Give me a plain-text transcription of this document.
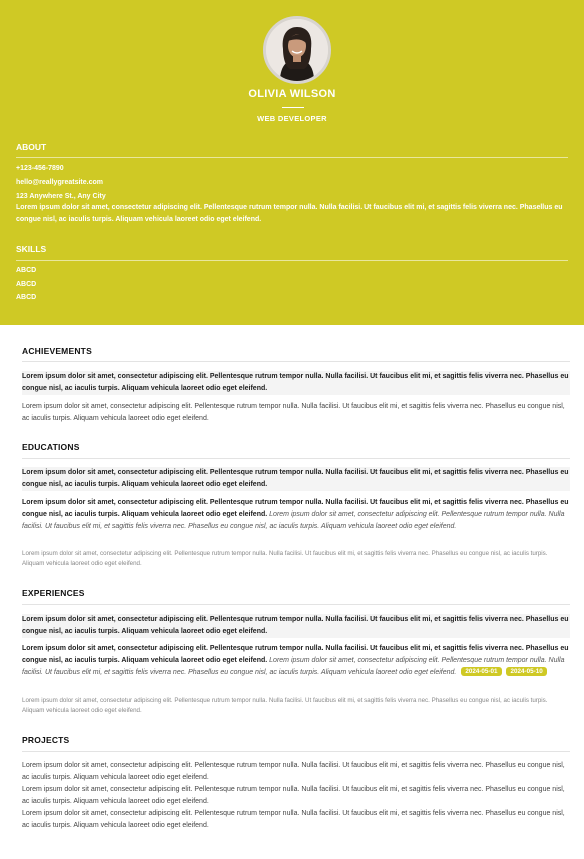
OLIVIA WILSON
WEB DEVELOPER
ABOUT
+123-456-7890
hello@reallygreatsite.com
123 Anywhere St., Any City
Lorem ipsum dolor sit amet, consectetur adipiscing elit. Pellentesque rutrum tempor nulla. Nulla facilisi. Ut faucibus elit mi, et sagittis felis viverra nec. Phasellus eu congue nisl, ac iaculis turpis. Aliquam vehicula laoreet odio eget eleifend.
SKILLS
ABCD
ABCD
ABCD
ACHIEVEMENTS
Lorem ipsum dolor sit amet, consectetur adipiscing elit. Pellentesque rutrum tempor nulla. Nulla facilisi. Ut faucibus elit mi, et sagittis felis viverra nec. Phasellus eu congue nisl, ac iaculis turpis. Aliquam vehicula laoreet odio eget eleifend.
Lorem ipsum dolor sit amet, consectetur adipiscing elit. Pellentesque rutrum tempor nulla. Nulla facilisi. Ut faucibus elit mi, et sagittis felis viverra nec. Phasellus eu congue nisl, ac iaculis turpis. Aliquam vehicula laoreet odio eget eleifend.
EDUCATIONS
Lorem ipsum dolor sit amet, consectetur adipiscing elit. Pellentesque rutrum tempor nulla. Nulla facilisi. Ut faucibus elit mi, et sagittis felis viverra nec. Phasellus eu congue nisl, ac iaculis turpis. Aliquam vehicula laoreet odio eget eleifend.
Lorem ipsum dolor sit amet, consectetur adipiscing elit. Pellentesque rutrum tempor nulla. Nulla facilisi. Ut faucibus elit mi, et sagittis felis viverra nec. Phasellus eu congue nisl, ac iaculis turpis. Aliquam vehicula laoreet odio eget eleifend. Lorem ipsum dolor sit amet, consectetur adipiscing elit. Pellentesque rutrum tempor nulla. Nulla facilisi. Ut faucibus elit mi, et sagittis felis viverra nec. Phasellus eu congue nisl, ac iaculis turpis. Aliquam vehicula laoreet odio eget eleifend.
Lorem ipsum dolor sit amet, consectetur adipiscing elit. Pellentesque rutrum tempor nulla. Nulla facilisi. Ut faucibus elit mi, et sagittis felis viverra nec. Phasellus eu congue nisl, ac iaculis turpis. Aliquam vehicula laoreet odio eget eleifend.
EXPERIENCES
Lorem ipsum dolor sit amet, consectetur adipiscing elit. Pellentesque rutrum tempor nulla. Nulla facilisi. Ut faucibus elit mi, et sagittis felis viverra nec. Phasellus eu congue nisl, ac iaculis turpis. Aliquam vehicula laoreet odio eget eleifend.
Lorem ipsum dolor sit amet, consectetur adipiscing elit. Pellentesque rutrum tempor nulla. Nulla facilisi. Ut faucibus elit mi, et sagittis felis viverra nec. Phasellus eu congue nisl, ac iaculis turpis. Aliquam vehicula laoreet odio eget eleifend. Lorem ipsum dolor sit amet, consectetur adipiscing elit. Pellentesque rutrum tempor nulla. Nulla facilisi. Ut faucibus elit mi, et sagittis felis viverra nec. Phasellus eu congue nisl, ac iaculis turpis. Aliquam vehicula laoreet odio eget eleifend. 2024-05-01 2024-05-10
Lorem ipsum dolor sit amet, consectetur adipiscing elit. Pellentesque rutrum tempor nulla. Nulla facilisi. Ut faucibus elit mi, et sagittis felis viverra nec. Phasellus eu congue nisl, ac iaculis turpis. Aliquam vehicula laoreet odio eget eleifend.
PROJECTS
Lorem ipsum dolor sit amet, consectetur adipiscing elit. Pellentesque rutrum tempor nulla. Nulla facilisi. Ut faucibus elit mi, et sagittis felis viverra nec. Phasellus eu congue nisl, ac iaculis turpis. Aliquam vehicula laoreet odio eget eleifend.
Lorem ipsum dolor sit amet, consectetur adipiscing elit. Pellentesque rutrum tempor nulla. Nulla facilisi. Ut faucibus elit mi, et sagittis felis viverra nec. Phasellus eu congue nisl, ac iaculis turpis. Aliquam vehicula laoreet odio eget eleifend.
Lorem ipsum dolor sit amet, consectetur adipiscing elit. Pellentesque rutrum tempor nulla. Nulla facilisi. Ut faucibus elit mi, et sagittis felis viverra nec. Phasellus eu congue nisl, ac iaculis turpis. Aliquam vehicula laoreet odio eget eleifend.
